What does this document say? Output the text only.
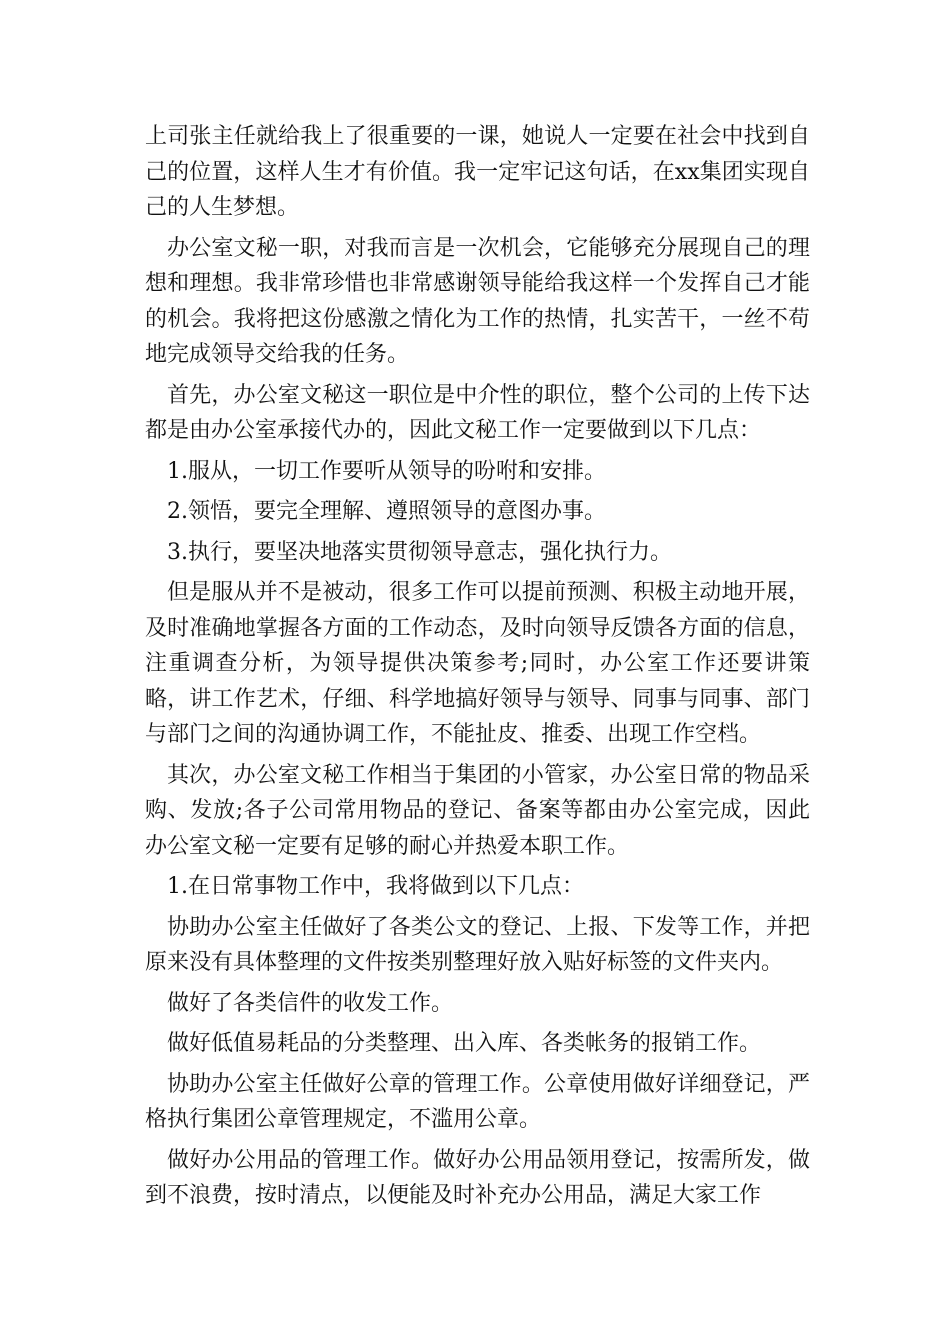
上司张主任就给我上了很重要的一课，她说人一定要在社会中找到自己的位置，这样人生才有价值。我一定牢记这句话，在xx集团实现自己的人生梦想。

办公室文秘一职，对我而言是一次机会，它能够充分展现自己的理想和理想。我非常珍惜也非常感谢领导能给我这样一个发挥自己才能的机会。我将把这份感激之情化为工作的热情，扎实苦干，一丝不苟地完成领导交给我的任务。

首先，办公室文秘这一职位是中介性的职位，整个公司的上传下达都是由办公室承接代办的，因此文秘工作一定要做到以下几点：

1.服从，一切工作要听从领导的吩咐和安排。

2.领悟，要完全理解、遵照领导的意图办事。

3.执行，要坚决地落实贯彻领导意志，强化执行力。

但是服从并不是被动，很多工作可以提前预测、积极主动地开展，及时准确地掌握各方面的工作动态，及时向领导反馈各方面的信息，注重调查分析，为领导提供决策参考;同时，办公室工作还要讲策略，讲工作艺术，仔细、科学地搞好领导与领导、同事与同事、部门与部门之间的沟通协调工作，不能扯皮、推委、出现工作空档。

其次，办公室文秘工作相当于集团的小管家，办公室日常的物品采购、发放;各子公司常用物品的登记、备案等都由办公室完成，因此办公室文秘一定要有足够的耐心并热爱本职工作。

1.在日常事物工作中，我将做到以下几点：

协助办公室主任做好了各类公文的登记、上报、下发等工作，并把原来没有具体整理的文件按类别整理好放入贴好标签的文件夹内。

做好了各类信件的收发工作。

做好低值易耗品的分类整理、出入库、各类帐务的报销工作。

协助办公室主任做好公章的管理工作。公章使用做好详细登记，严格执行集团公章管理规定，不滥用公章。

做好办公用品的管理工作。做好办公用品领用登记，按需所发，做到不浪费，按时清点，以便能及时补充办公用品，满足大家工作
